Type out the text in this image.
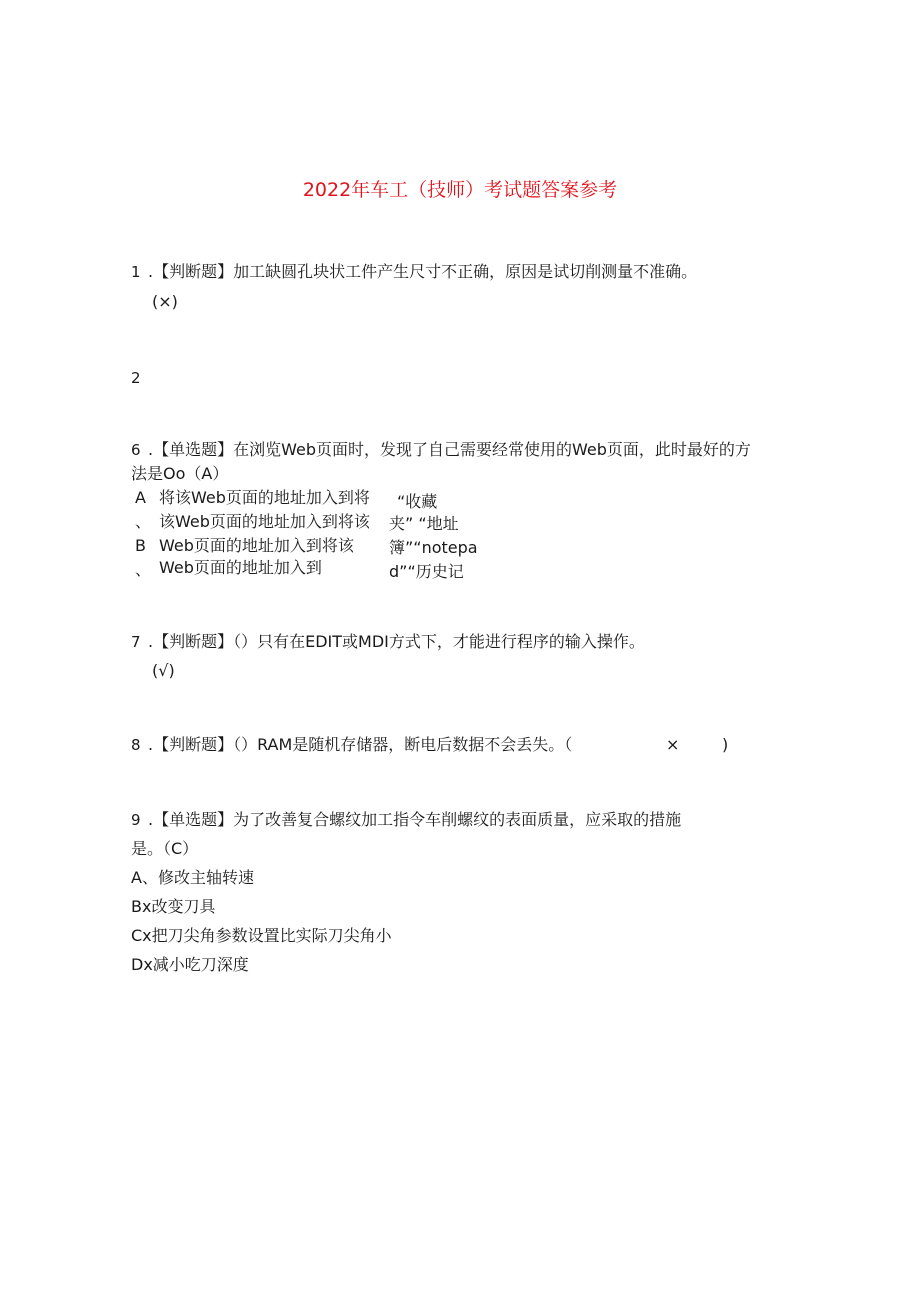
2022年车工（技师）考试题答案参考
1 .【判断题】加工缺圆孔块状工件产生尺寸不正确，原因是试切削测量不准确。
(×)
2
6 .【单选题】在浏览Web页面时，发现了自己需要经常使用的Web页面，此时最好的方
法是Oo（A）
A 将该Web页面的地址加入到将 “收藏
、 该Web页面的地址加入到将该 夹” “地址
B Web页面的地址加入到将该 簿”“notepa
、 Web页面的地址加入到	d”“历史记
7 .【判断题】（）只有在EDIT或MDI方式下，才能进行程序的输入操作。
(√)
8 .【判断题】（）RAM是随机存储器，断电后数据不会丢失。（	×	)
9 .【单选题】为了改善复合螺纹加工指令车削螺纹的表面质量，应采取的措施
是。（C）
A、修改主轴转速
Bx改变刀具
Cx把刀尖角参数设置比实际刀尖角小
Dx减小吃刀深度
